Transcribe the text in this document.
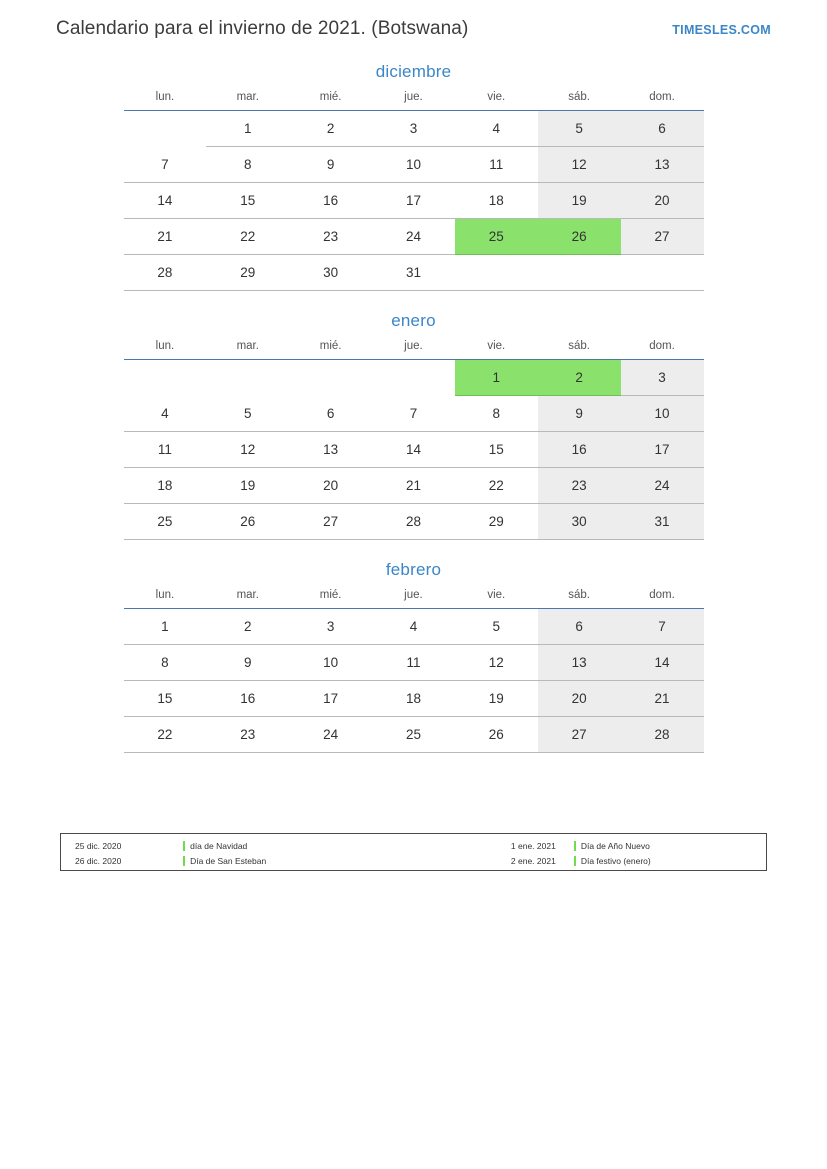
Calendario para el invierno de 2021. (Botswana)	TIMESLES.COM
diciembre
lun.	mar.	mié.	jue.	vie.	sáb.	dom.
	1	2	3	4	5	6
7	8	9	10	11	12	13
14	15	16	17	18	19	20
21	22	23	24	25	26	27
28	29	30	31			
enero
lun.	mar.	mié.	jue.	vie.	sáb.	dom.
				1	2	3
4	5	6	7	8	9	10
11	12	13	14	15	16	17
18	19	20	21	22	23	24
25	26	27	28	29	30	31
febrero
lun.	mar.	mié.	jue.	vie.	sáb.	dom.
1	2	3	4	5	6	7
8	9	10	11	12	13	14
15	16	17	18	19	20	21
22	23	24	25	26	27	28
25 dic. 2020	día de Navidad	1 ene. 2021	Día de Año Nuevo
26 dic. 2020	Día de San Esteban	2 ene. 2021	Día festivo (enero)
